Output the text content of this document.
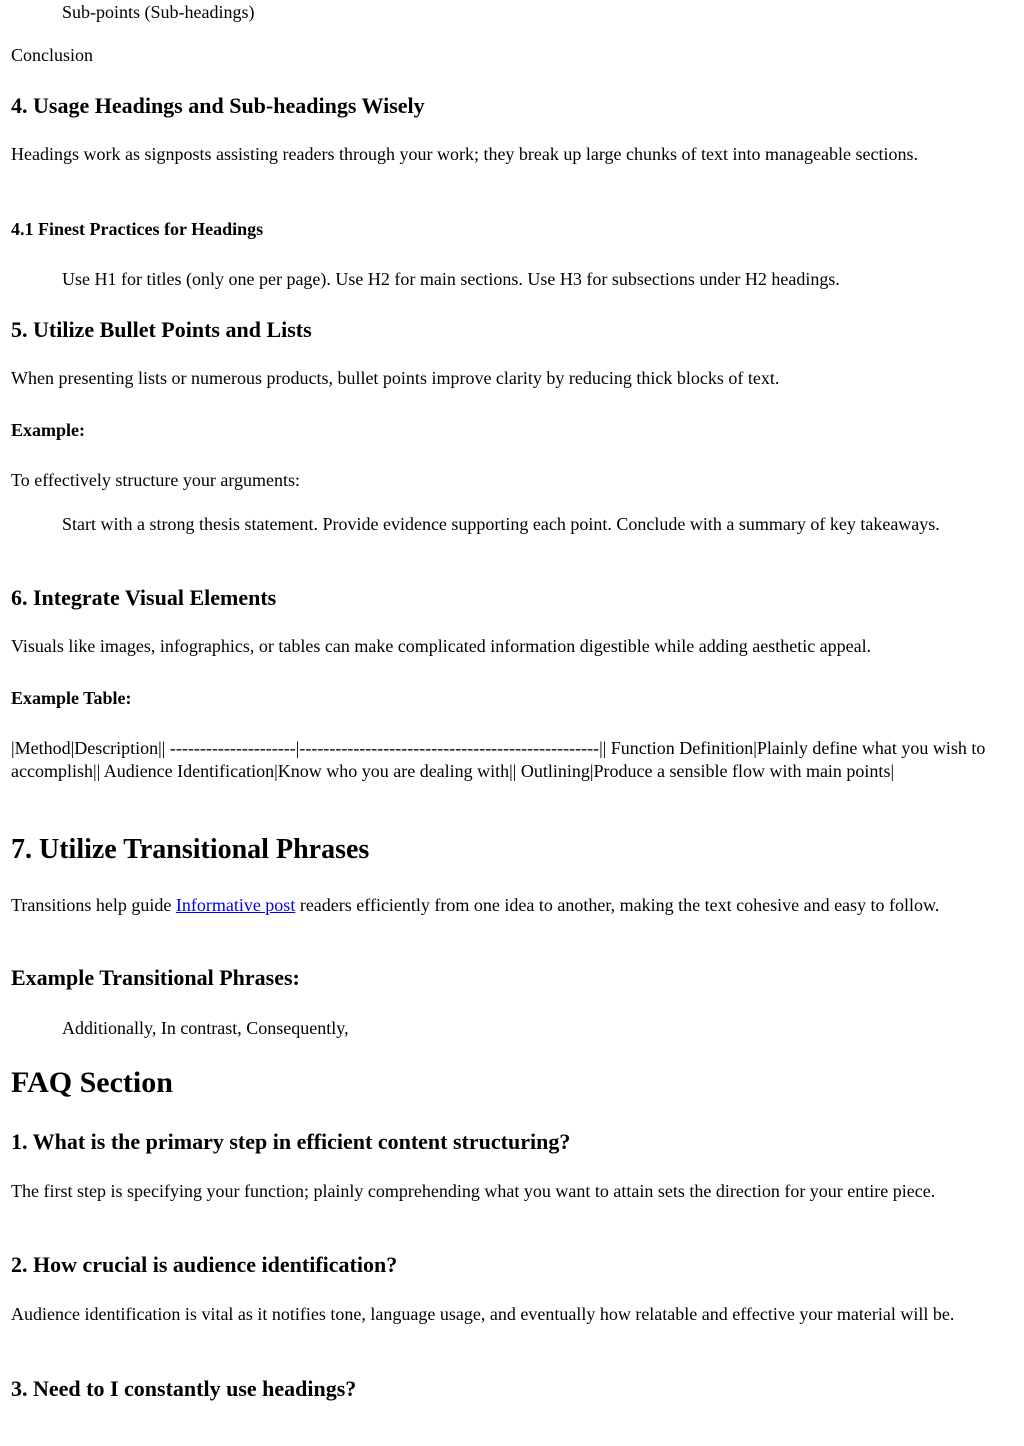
Sub-points (Sub-headings)

Conclusion

4. Usage Headings and Sub-headings Wisely

Headings work as signposts assisting readers through your work; they break up large chunks of text into manageable sections.

4.1 Finest Practices for Headings

Use H1 for titles (only one per page). Use H2 for main sections. Use H3 for subsections under H2 headings.

5. Utilize Bullet Points and Lists

When presenting lists or numerous products, bullet points improve clarity by reducing thick blocks of text.

Example:

To effectively structure your arguments:

Start with a strong thesis statement. Provide evidence supporting each point. Conclude with a summary of key takeaways.

6. Integrate Visual Elements

Visuals like images, infographics, or tables can make complicated information digestible while adding aesthetic appeal.

Example Table:

|Method|Description|| ---------------------|--------------------------------------------------|| Function Definition|Plainly define what you wish to accomplish|| Audience Identification|Know who you are dealing with|| Outlining|Produce a sensible flow with main points|

7. Utilize Transitional Phrases

Transitions help guide Informative post readers efficiently from one idea to another, making the text cohesive and easy to follow.

Example Transitional Phrases:

Additionally, In contrast, Consequently,

FAQ Section
1. What is the primary step in efficient content structuring?

The first step is specifying your function; plainly comprehending what you want to attain sets the direction for your entire piece.

2. How crucial is audience identification?

Audience identification is vital as it notifies tone, language usage, and eventually how relatable and effective your material will be.

3. Need to I constantly use headings?
